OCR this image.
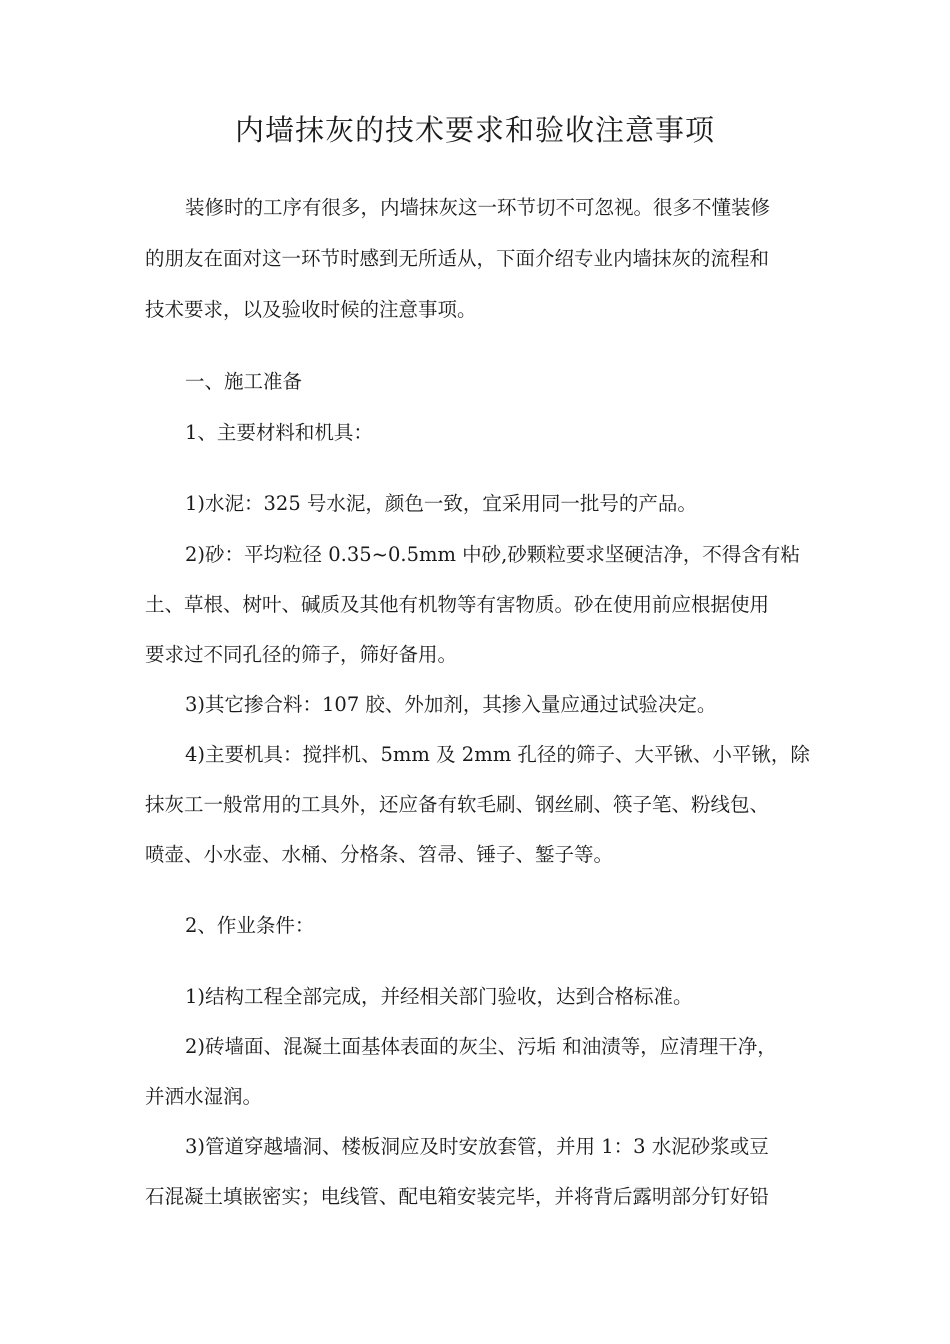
内墙抹灰的技术要求和验收注意事项

装修时的工序有很多，内墙抹灰这一环节切不可忽视。很多不懂装修

的朋友在面对这一环节时感到无所适从，下面介绍专业内墙抹灰的流程和

技术要求，以及验收时候的注意事项。

一、施工准备

1、主要材料和机具：

1)水泥：325 号水泥，颜色一致，宜采用同一批号的产品。

2)砂：平均粒径 0.35~0.5mm 中砂,砂颗粒要求坚硬洁净，不得含有粘

土、草根、树叶、碱质及其他有机物等有害物质。砂在使用前应根据使用

要求过不同孔径的筛子，筛好备用。

3)其它掺合料：107 胶、外加剂，其掺入量应通过试验决定。

4)主要机具：搅拌机、5mm 及 2mm 孔径的筛子、大平锹、小平锹，除

抹灰工一般常用的工具外，还应备有软毛刷、钢丝刷、筷子笔、粉线包、

喷壶、小水壶、水桶、分格条、笤帚、锤子、錾子等。

2、作业条件：

1)结构工程全部完成，并经相关部门验收，达到合格标准。

2)砖墙面、混凝土面基体表面的灰尘、污垢 和油渍等，应清理干净，

并洒水湿润。

3)管道穿越墙洞、楼板洞应及时安放套管，并用 1：3 水泥砂浆或豆

石混凝土填嵌密实；电线管、配电箱安装完毕，并将背后露明部分钉好铅
